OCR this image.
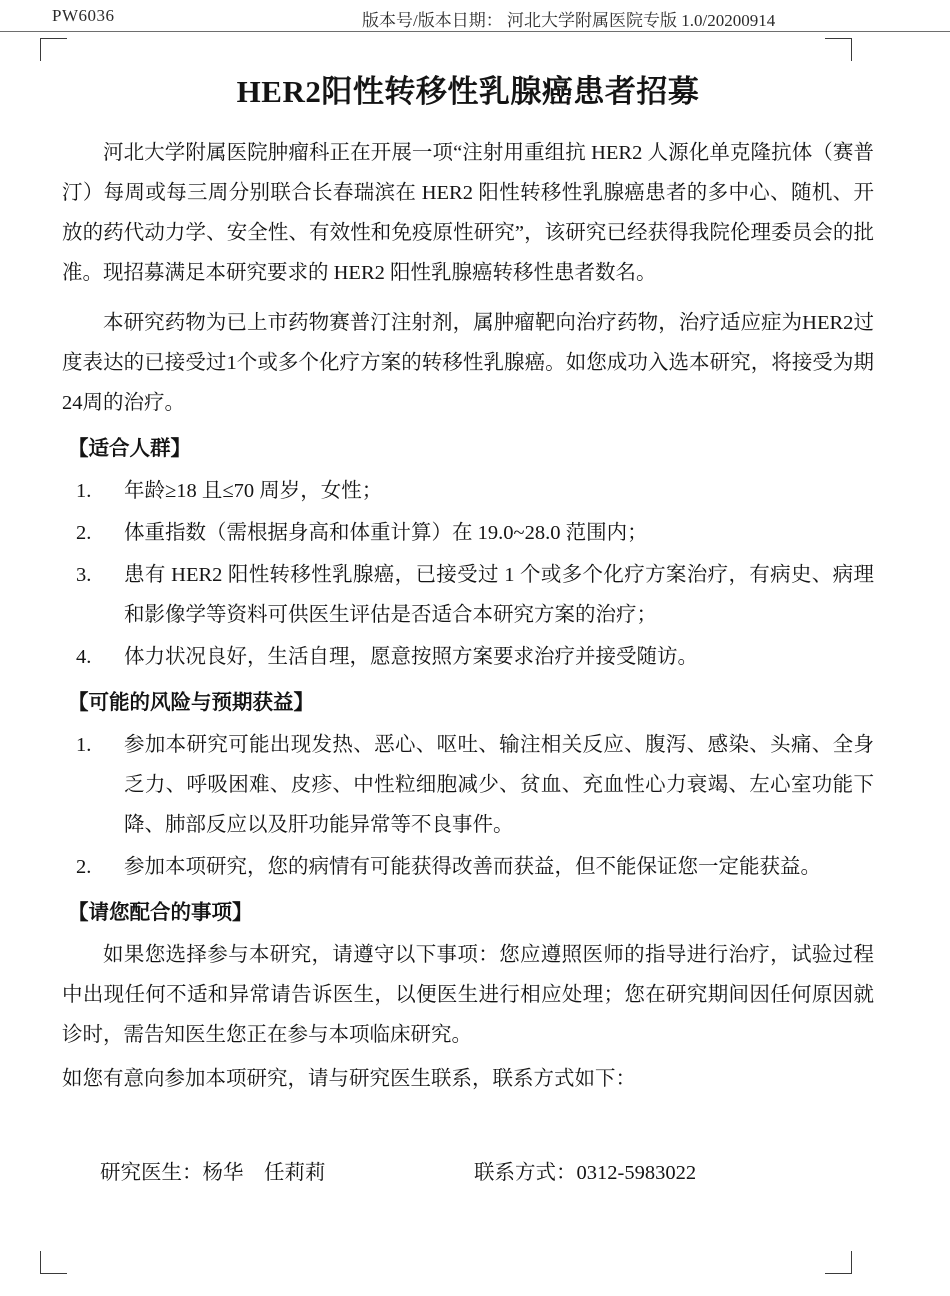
PW6036	版本号/版本日期： 河北大学附属医院专版 1.0/20200914
HER2阳性转移性乳腺癌患者招募

河北大学附属医院肿瘤科正在开展一项“注射用重组抗 HER2 人源化单克隆抗体（赛普汀）每周或每三周分别联合长春瑞滨在 HER2 阳性转移性乳腺癌患者的多中心、随机、开放的药代动力学、安全性、有效性和免疫原性研究”，该研究已经获得我院伦理委员会的批准。现招募满足本研究要求的 HER2 阳性乳腺癌转移性患者数名。

本研究药物为已上市药物赛普汀注射剂，属肿瘤靶向治疗药物，治疗适应症为HER2过度表达的已接受过1个或多个化疗方案的转移性乳腺癌。如您成功入选本研究，将接受为期24周的治疗。

【适合人群】
1.	年龄≥18 且≤70 周岁，女性；
2.	体重指数（需根据身高和体重计算）在 19.0~28.0 范围内；
3.	患有 HER2 阳性转移性乳腺癌，已接受过 1 个或多个化疗方案治疗，有病史、病理和影像学等资料可供医生评估是否适合本研究方案的治疗；
4.	体力状况良好，生活自理，愿意按照方案要求治疗并接受随访。
【可能的风险与预期获益】
1.	参加本研究可能出现发热、恶心、呕吐、输注相关反应、腹泻、感染、头痛、全身乏力、呼吸困难、皮疹、中性粒细胞减少、贫血、充血性心力衰竭、左心室功能下降、肺部反应以及肝功能异常等不良事件。
2.	参加本项研究，您的病情有可能获得改善而获益，但不能保证您一定能获益。
【请您配合的事项】

如果您选择参与本研究，请遵守以下事项：您应遵照医师的指导进行治疗，试验过程中出现任何不适和异常请告诉医生，以便医生进行相应处理；您在研究期间因任何原因就诊时，需告知医生您正在参与本项临床研究。

如您有意向参加本项研究，请与研究医生联系，联系方式如下：

研究医生：杨华　任莉莉	联系方式：0312-5983022
